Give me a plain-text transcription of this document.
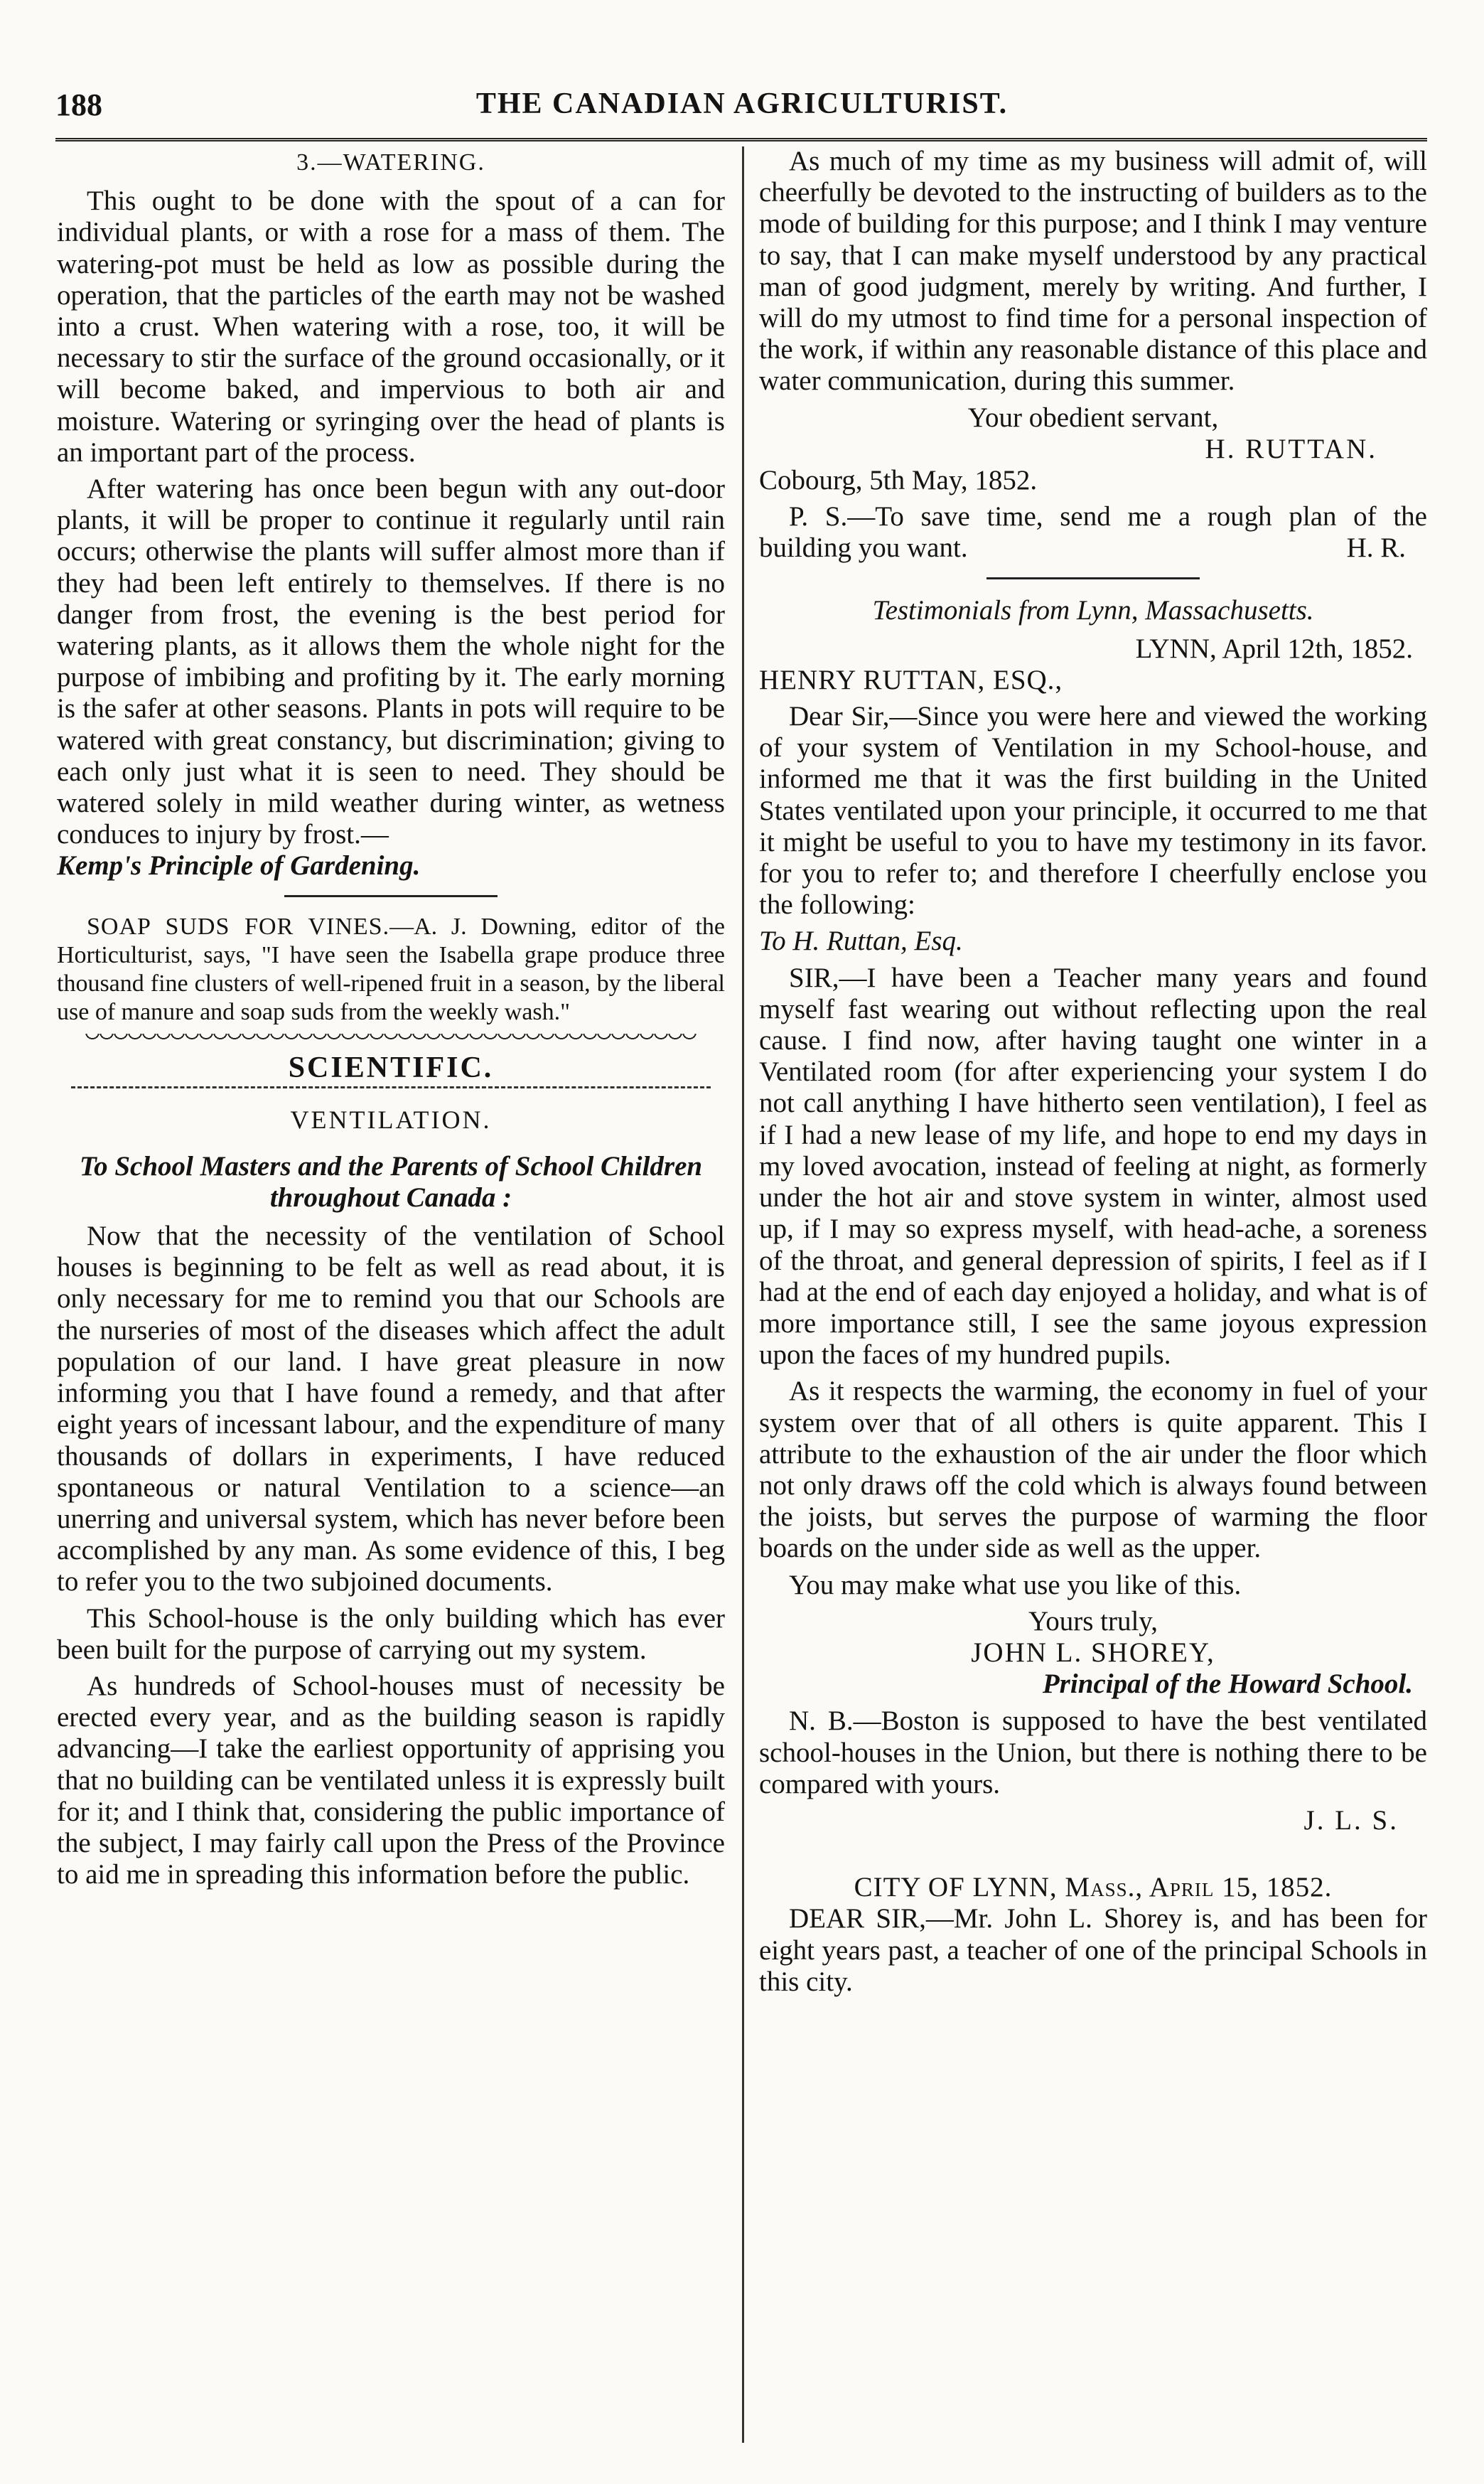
188	THE CANADIAN AGRICULTURIST.
3.—WATERING.

This ought to be done with the spout of a can for individual plants, or with a rose for a mass of them. The watering-pot must be held as low as possible during the operation, that the particles of the earth may not be washed into a crust. When watering with a rose, too, it will be necessary to stir the surface of the ground occasionally, or it will become baked, and impervious to both air and moisture. Watering or syringing over the head of plants is an important part of the process.

After watering has once been begun with any out-door plants, it will be proper to continue it regularly until rain occurs; otherwise the plants will suffer almost more than if they had been left entirely to themselves. If there is no danger from frost, the evening is the best period for watering plants, as it allows them the whole night for the purpose of imbibing and profiting by it. The early morning is the safer at other seasons. Plants in pots will require to be watered with great constancy, but discrimination; giving to each only just what it is seen to need. They should be watered solely in mild weather during winter, as wetness conduces to injury by frost.—
Kemp's Principle of Gardening.

SOAP SUDS FOR VINES.—A. J. Downing, editor of the Horticulturist, says, "I have seen the Isabella grape produce three thousand fine clusters of well-ripened fruit in a season, by the liberal use of manure and soap suds from the weekly wash."

SCIENTIFIC.
VENTILATION.
To School Masters and the Parents of School Children throughout Canada :

Now that the necessity of the ventilation of School houses is beginning to be felt as well as read about, it is only necessary for me to remind you that our Schools are the nurseries of most of the diseases which affect the adult population of our land. I have great pleasure in now informing you that I have found a remedy, and that after eight years of incessant labour, and the expenditure of many thousands of dollars in experiments, I have reduced spontaneous or natural Ventilation to a science—an unerring and universal system, which has never before been accomplished by any man. As some evidence of this, I beg to refer you to the two subjoined documents.

This School-house is the only building which has ever been built for the purpose of carrying out my system.

As hundreds of School-houses must of necessity be erected every year, and as the building season is rapidly advancing—I take the earliest opportunity of apprising you that no building can be ventilated unless it is expressly built for it; and I think that, considering the public importance of the subject, I may fairly call upon the Press of the Province to aid me in spreading this information before the public.

As much of my time as my business will admit of, will cheerfully be devoted to the instructing of builders as to the mode of building for this purpose; and I think I may venture to say, that I can make myself understood by any practical man of good judgment, merely by writing. And further, I will do my utmost to find time for a personal inspection of the work, if within any reasonable distance of this place and water communication, during this summer.

Your obedient servant,
H. RUTTAN.

Cobourg, 5th May, 1852.

P. S.—To save time, send me a rough plan of the building you want.	H. R.

Testimonials from Lynn, Massachusetts.
LYNN, April 12th, 1852.

HENRY RUTTAN, ESQ.,

Dear Sir,—Since you were here and viewed the working of your system of Ventilation in my School-house, and informed me that it was the first building in the United States ventilated upon your principle, it occurred to me that it might be useful to you to have my testimony in its favor. for you to refer to; and therefore I cheerfully enclose you the following:

To H. Ruttan, Esq.

SIR,—I have been a Teacher many years and found myself fast wearing out without reflecting upon the real cause. I find now, after having taught one winter in a Ventilated room (for after experiencing your system I do not call anything I have hitherto seen ventilation), I feel as if I had a new lease of my life, and hope to end my days in my loved avocation, instead of feeling at night, as formerly under the hot air and stove system in winter, almost used up, if I may so express myself, with head-ache, a soreness of the throat, and general depression of spirits, I feel as if I had at the end of each day enjoyed a holiday, and what is of more importance still, I see the same joyous expression upon the faces of my hundred pupils.

As it respects the warming, the economy in fuel of your system over that of all others is quite apparent. This I attribute to the exhaustion of the air under the floor which not only draws off the cold which is always found between the joists, but serves the purpose of warming the floor boards on the under side as well as the upper.

You may make what use you like of this.

Yours truly,
JOHN L. SHOREY,
Principal of the Howard School.

N. B.—Boston is supposed to have the best ventilated school-houses in the Union, but there is nothing there to be compared with yours.

J. L. S.
CITY OF LYNN, Mass., April 15, 1852.

DEAR SIR,—Mr. John L. Shorey is, and has been for eight years past, a teacher of one of the principal Schools in this city.
